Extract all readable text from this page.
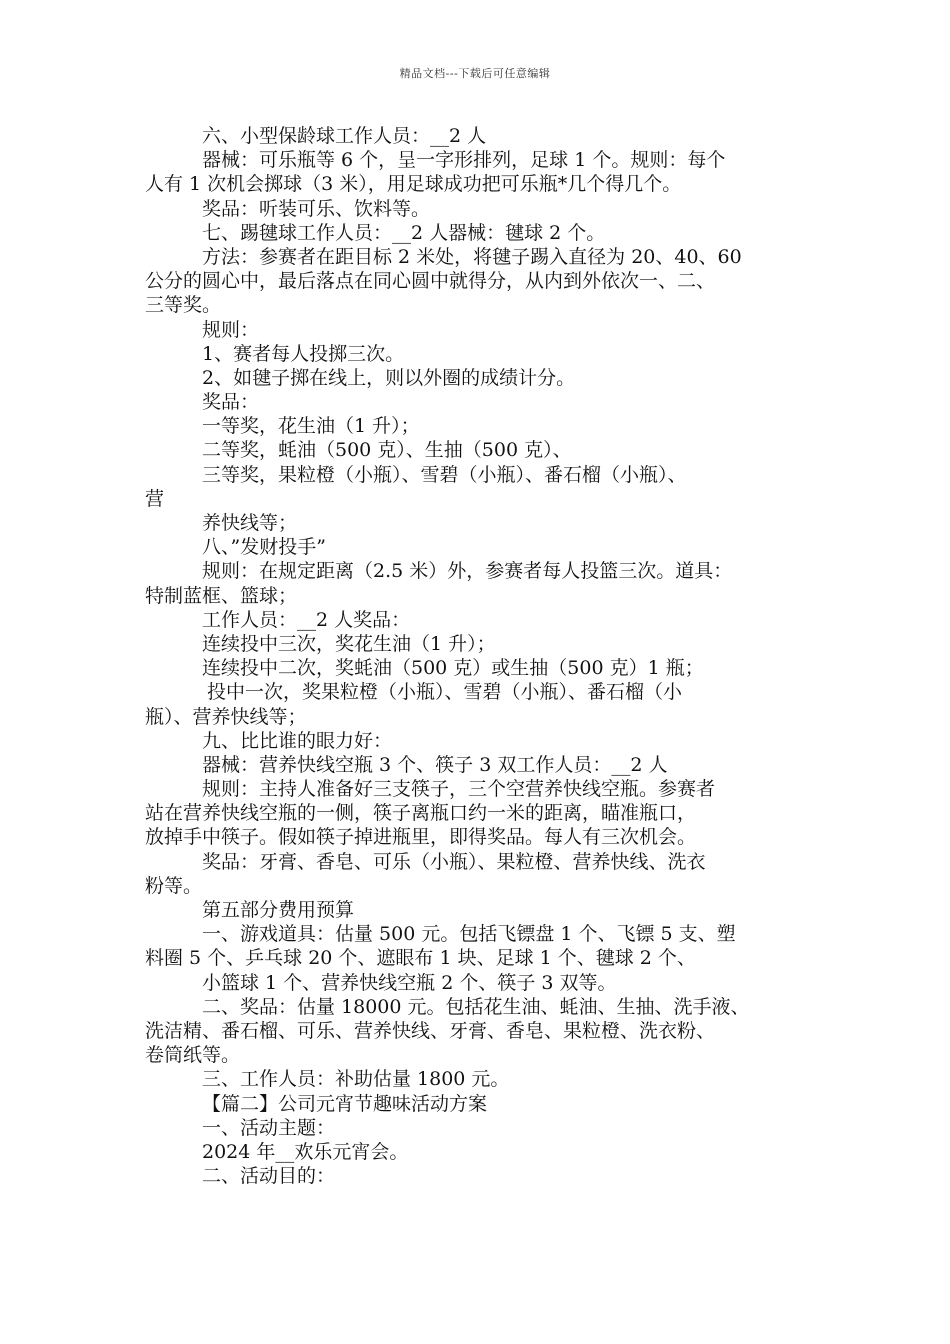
精品文档---下载后可任意编辑
六、小型保龄球工作人员：__2 人
器械：可乐瓶等 6 个，呈一字形排列，足球 1 个。规则：每个
人有 1 次机会掷球（3 米），用足球成功把可乐瓶*几个得几个。
奖品：听装可乐、饮料等。
七、踢毽球工作人员：__2 人器械：毽球 2 个。
方法：参赛者在距目标 2 米处，将毽子踢入直径为 20、40、60
公分的圆心中，最后落点在同心圆中就得分，从内到外依次一、二、
三等奖。
规则：
1、赛者每人投掷三次。
2、如毽子掷在线上，则以外圈的成绩计分。
奖品：
一等奖，花生油（1 升）；
二等奖，蚝油（500 克）、生抽（500 克）、
三等奖，果粒橙（小瓶）、雪碧（小瓶）、番石榴（小瓶）、
营
养快线等；
八、”发财投手”
规则：在规定距离（2.5 米）外，参赛者每人投篮三次。道具：
特制蓝框、篮球；
工作人员：__2 人奖品：
连续投中三次，奖花生油（1 升）；
连续投中二次，奖蚝油（500 克）或生抽（500 克）1 瓶；
投中一次，奖果粒橙（小瓶）、雪碧（小瓶）、番石榴（小
瓶）、营养快线等；
九、比比谁的眼力好：
器械：营养快线空瓶 3 个、筷子 3 双工作人员：__2 人
规则：主持人准备好三支筷子，三个空营养快线空瓶。参赛者
站在营养快线空瓶的一侧，筷子离瓶口约一米的距离，瞄准瓶口，
放掉手中筷子。假如筷子掉进瓶里，即得奖品。每人有三次机会。
奖品：牙膏、香皂、可乐（小瓶）、果粒橙、营养快线、洗衣
粉等。
第五部分费用预算
一、游戏道具：估量 500 元。包括飞镖盘 1 个、飞镖 5 支、塑
料圈 5 个、乒乓球 20 个、遮眼布 1 块、足球 1 个、毽球 2 个、
小篮球 1 个、营养快线空瓶 2 个、筷子 3 双等。
二、奖品：估量 18000 元。包括花生油、蚝油、生抽、洗手液、
洗洁精、番石榴、可乐、营养快线、牙膏、香皂、果粒橙、洗衣粉、
卷筒纸等。
三、工作人员：补助估量 1800 元。
【篇二】公司元宵节趣味活动方案
一、活动主题：
2024 年__欢乐元宵会。
二、活动目的：
